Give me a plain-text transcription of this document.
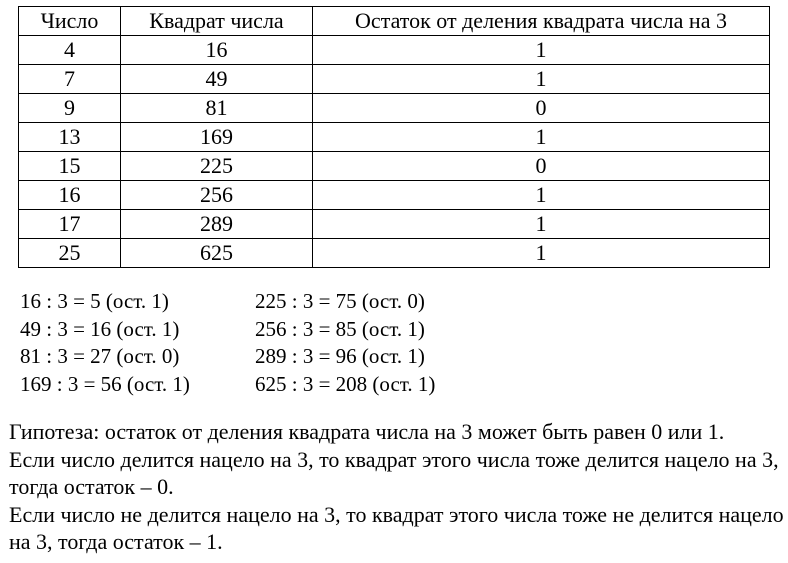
Число	Квадрат числа	Остаток от деления квадрата числа на 3
4	16	1
7	49	1
9	81	0
13	169	1
15	225	0
16	256	1
17	289	1
25	625	1
16 : 3 = 5 (ост. 1)
49 : 3 = 16 (ост. 1)
81 : 3 = 27 (ост. 0)
169 : 3 = 56 (ост. 1)
225 : 3 = 75 (ост. 0)
256 : 3 = 85 (ост. 1)
289 : 3 = 96 (ост. 1)
625 : 3 = 208 (ост. 1)

Гипотеза: остаток от деления квадрата числа на 3 может быть равен 0 или 1.

Если число делится нацело на 3, то квадрат этого числа тоже делится нацело на 3, тогда остаток – 0.

Если число не делится нацело на 3, то квадрат этого числа тоже не делится нацело на 3, тогда остаток – 1.
